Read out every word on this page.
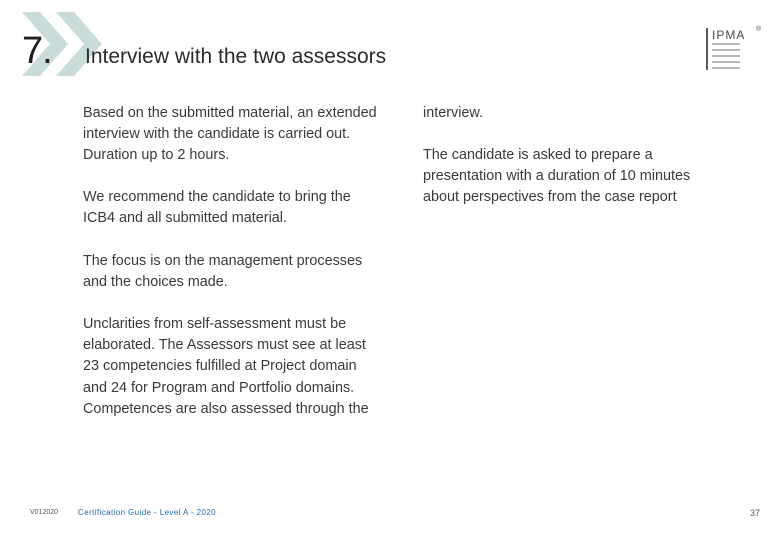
7. Interview with the two assessors
IPMA ®
Based on the submitted material, an extended
interview with the candidate is carried out.
Duration up to 2 hours.
We recommend the candidate to bring the
ICB4 and all submitted material.
The focus is on the management processes
and the choices made.
Unclarities from self-assessment must be
elaborated. The Assessors must see at least
23 competencies fulfilled at Project domain
and 24 for Program and Portfolio domains.
Competences are also assessed through the
interview.
The candidate is asked to prepare a
presentation with a duration of 10 minutes
about perspectives from the case report
V012020 Certification Guide - Level A - 2020	37
